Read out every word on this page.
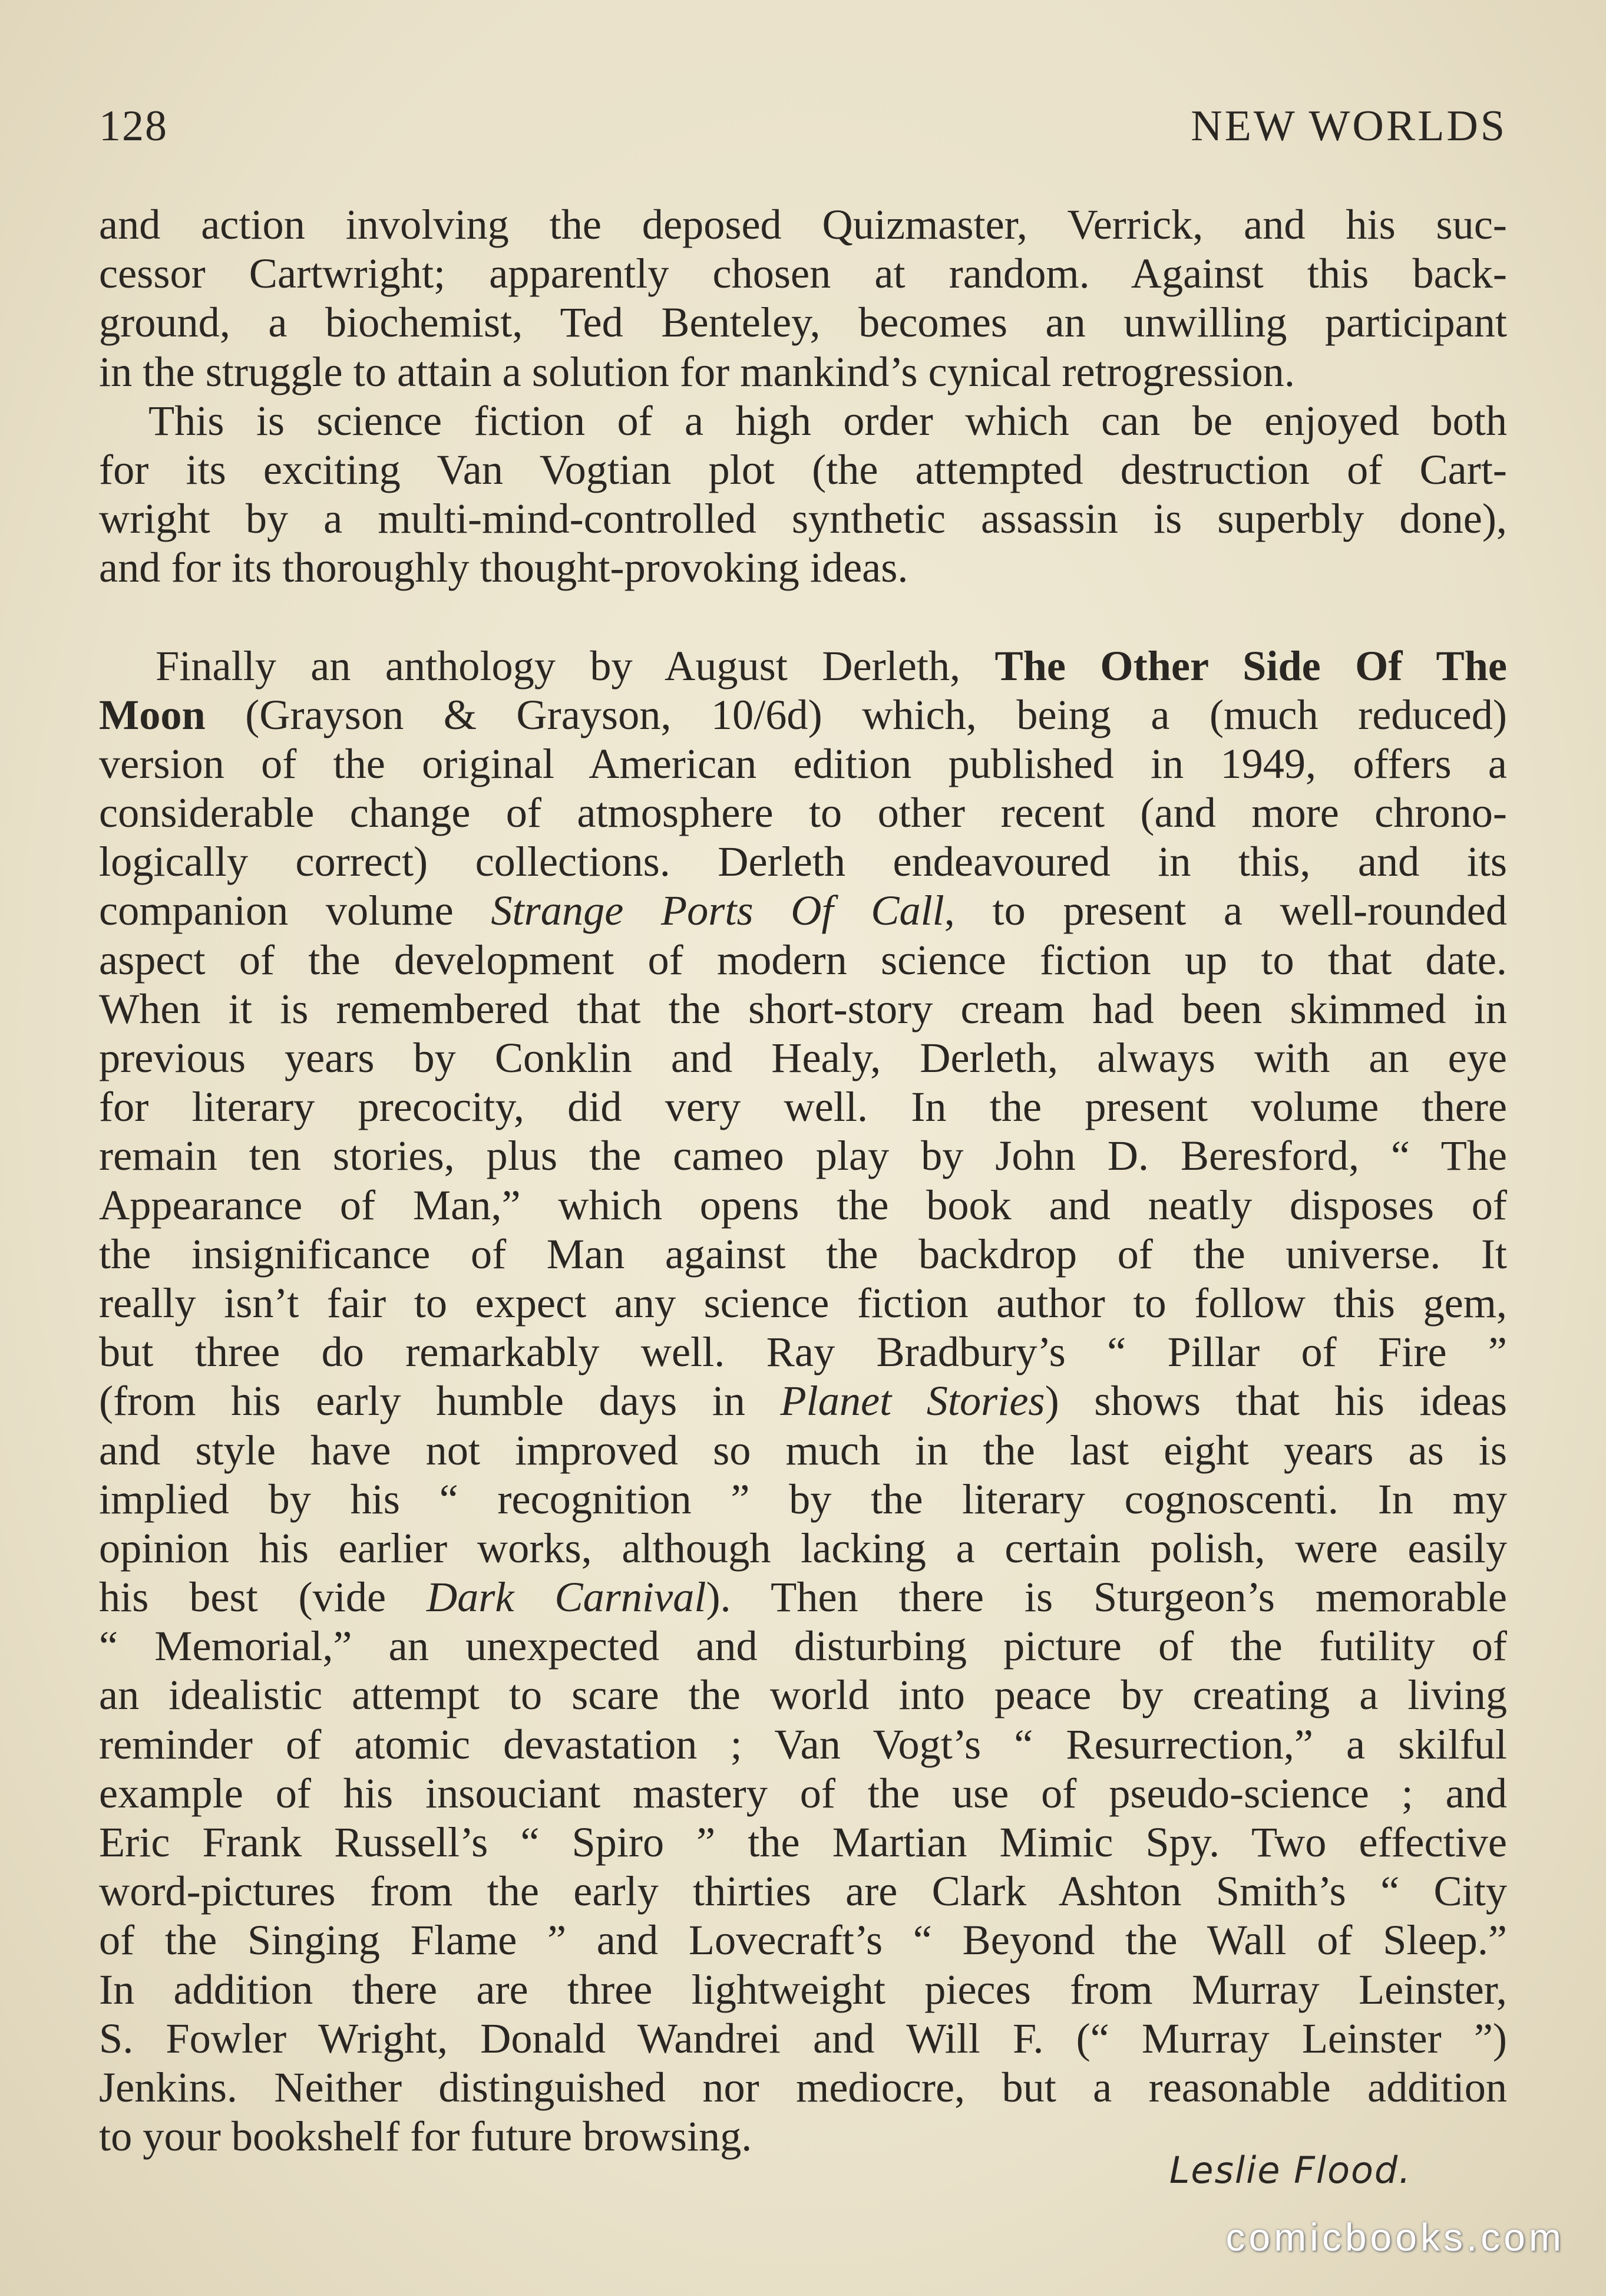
128	NEW WORLDS
and action involving the deposed Quizmaster, Verrick, and his suc-
cessor Cartwright; apparently chosen at random. Against this back-
ground, a biochemist, Ted Benteley, becomes an unwilling participant
in the struggle to attain a solution for mankind’s cynical retrogression.
This is science fiction of a high order which can be enjoyed both
for its exciting Van Vogtian plot (the attempted destruction of Cart-
wright by a multi-mind-controlled synthetic assassin is superbly done),
and for its thoroughly thought-provoking ideas.
Finally an anthology by August Derleth, The Other Side Of The
Moon (Grayson & Grayson, 10/6d) which, being a (much reduced)
version of the original American edition published in 1949, offers a
considerable change of atmosphere to other recent (and more chrono-
logically correct) collections. Derleth endeavoured in this, and its
companion volume Strange Ports Of Call, to present a well-rounded
aspect of the development of modern science fiction up to that date.
When it is remembered that the short-story cream had been skimmed in
previous years by Conklin and Healy, Derleth, always with an eye
for literary precocity, did very well. In the present volume there
remain ten stories, plus the cameo play by John D. Beresford, “ The
Appearance of Man,” which opens the book and neatly disposes of
the insignificance of Man against the backdrop of the universe. It
really isn’t fair to expect any science fiction author to follow this gem,
but three do remarkably well. Ray Bradbury’s “ Pillar of Fire ”
(from his early humble days in Planet Stories) shows that his ideas
and style have not improved so much in the last eight years as is
implied by his “ recognition ” by the literary cognoscenti. In my
opinion his earlier works, although lacking a certain polish, were easily
his best (vide Dark Carnival). Then there is Sturgeon’s memorable
“ Memorial,” an unexpected and disturbing picture of the futility of
an idealistic attempt to scare the world into peace by creating a living
reminder of atomic devastation ; Van Vogt’s “ Resurrection,” a skilful
example of his insouciant mastery of the use of pseudo-science ; and
Eric Frank Russell’s “ Spiro ” the Martian Mimic Spy. Two effective
word-pictures from the early thirties are Clark Ashton Smith’s “ City
of the Singing Flame ” and Lovecraft’s “ Beyond the Wall of Sleep.”
In addition there are three lightweight pieces from Murray Leinster,
S. Fowler Wright, Donald Wandrei and Will F. (“ Murray Leinster ”)
Jenkins. Neither distinguished nor mediocre, but a reasonable addition
to your bookshelf for future browsing.
Leslie Flood.
comicbooks.com
